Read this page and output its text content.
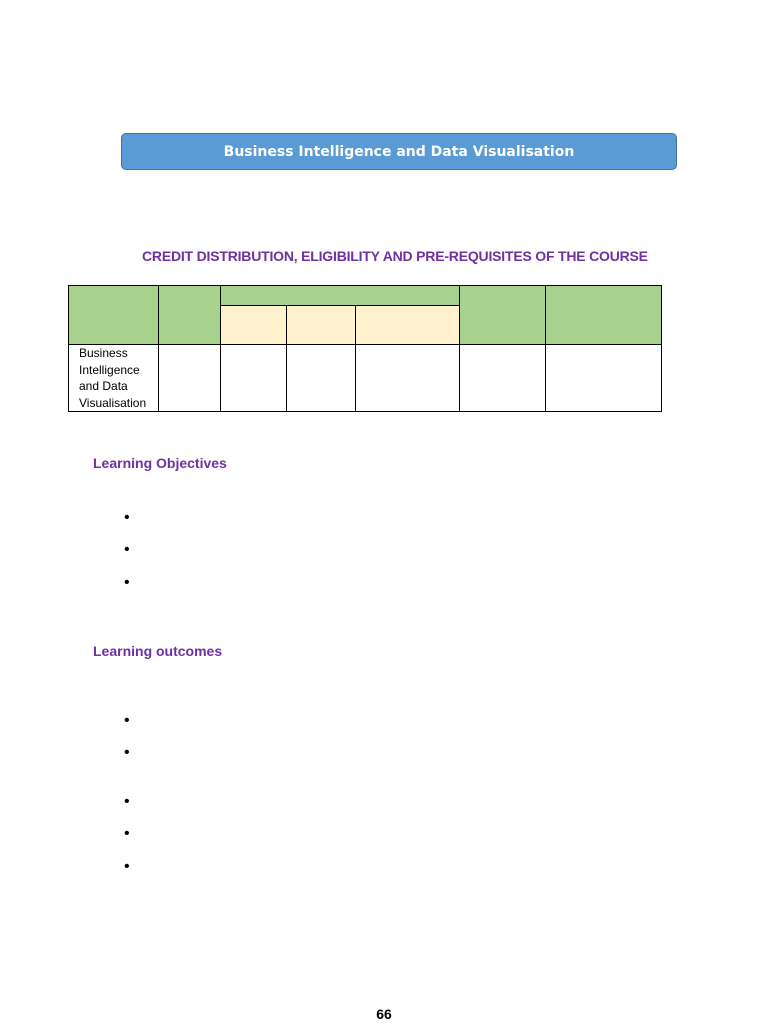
Business Intelligence and Data Visualisation
CREDIT DISTRIBUTION, ELIGIBILITY AND PRE-REQUISITES OF THE COURSE

Business Intelligence and Data Visualisation						
Learning Objectives
•
•
•
Learning outcomes
•
•
•
•
•
66
